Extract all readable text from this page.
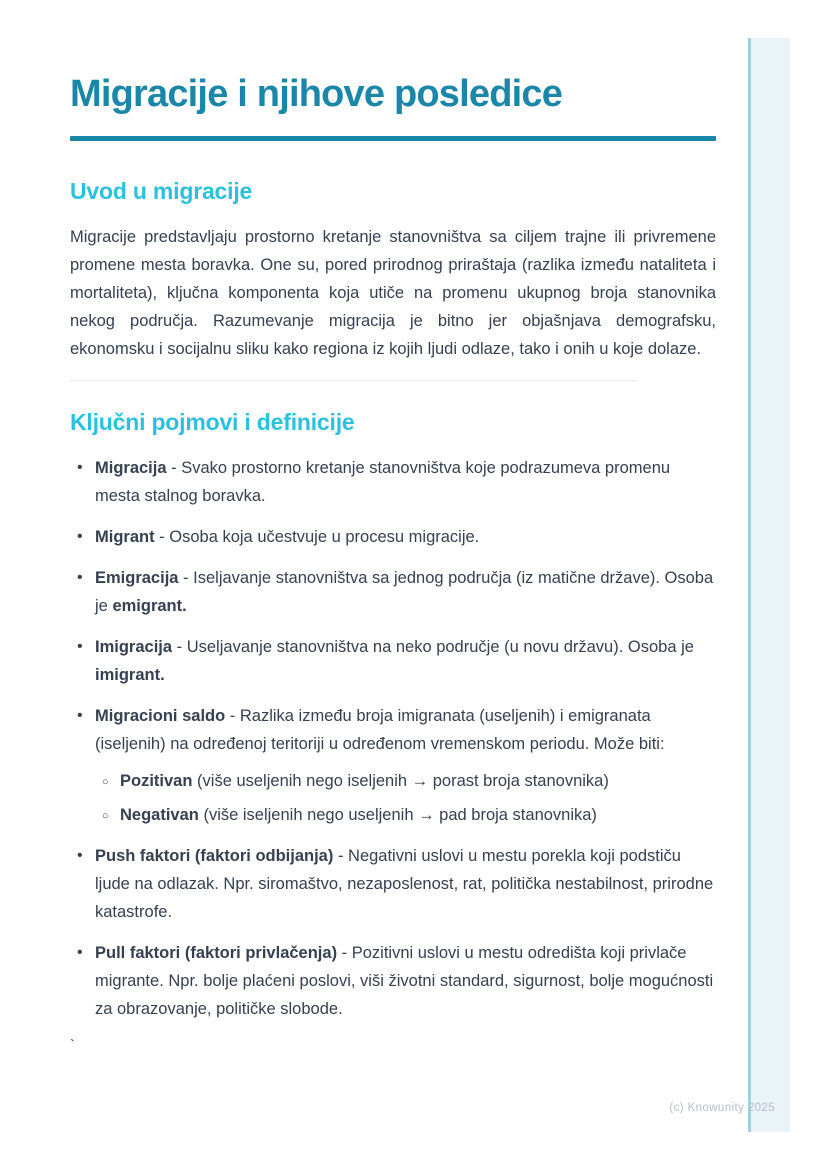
Migracije i njihove posledice
Uvod u migracije

Migracije predstavljaju prostorno kretanje stanovništva sa ciljem trajne ili privremene promene mesta boravka. One su, pored prirodnog priraštaja (razlika između nataliteta i mortaliteta), ključna komponenta koja utiče na promenu ukupnog broja stanovnika nekog područja. Razumevanje migracija je bitno jer objašnjava demografsku, ekonomsku i socijalnu sliku kako regiona iz kojih ljudi odlaze, tako i onih u koje dolaze.

Ključni pojmovi i definicije
• Migracija - Svako prostorno kretanje stanovništva koje podrazumeva promenu mesta stalnog boravka.
• Migrant - Osoba koja učestvuje u procesu migracije.
• Emigracija - Iseljavanje stanovništva sa jednog područja (iz matične države). Osoba je emigrant.
• Imigracija - Useljavanje stanovništva na neko područje (u novu državu). Osoba je imigrant.
• Migracioni saldo - Razlika između broja imigranata (useljenih) i emigranata (iseljenih) na određenoj teritoriji u određenom vremenskom periodu. Može biti:
○ Pozitivan (više useljenih nego iseljenih → porast broja stanovnika)
○ Negativan (više iseljenih nego useljenih → pad broja stanovnika)
• Push faktori (faktori odbijanja) - Negativni uslovi u mestu porekla koji podstiču ljude na odlazak. Npr. siromaštvo, nezaposlenost, rat, politička nestabilnost, prirodne katastrofe.
• Pull faktori (faktori privlačenja) - Pozitivni uslovi u mestu odredišta koji privlače migrante. Npr. bolje plaćeni poslovi, viši životni standard, sigurnost, bolje mogućnosti za obrazovanje, političke slobode.
`
(c) Knowunity 2025
